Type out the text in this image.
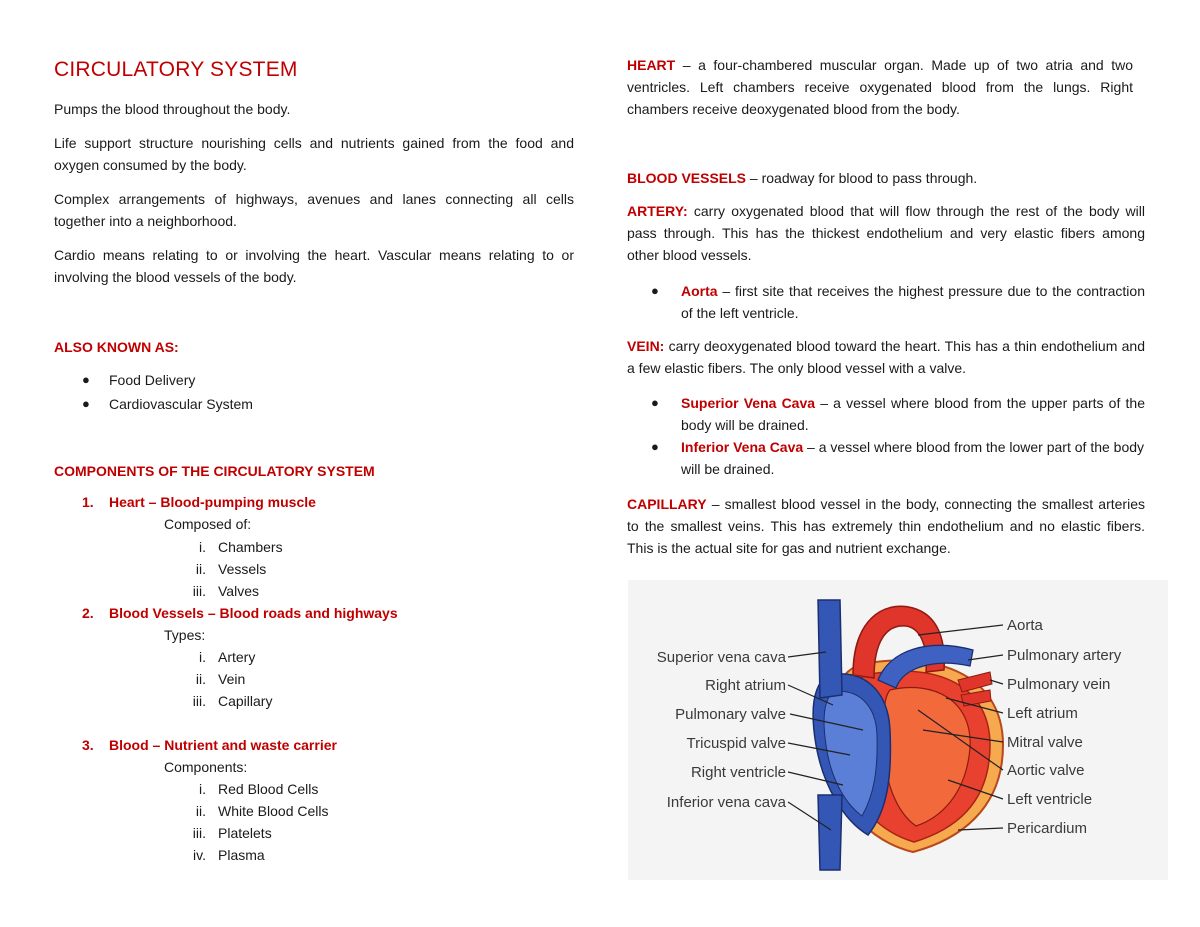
CIRCULATORY SYSTEM

Pumps the blood throughout the body.

Life support structure nourishing cells and nutrients gained from the food and oxygen consumed by the body.

Complex arrangements of highways, avenues and lanes connecting all cells together into a neighborhood.

Cardio means relating to or involving the heart. Vascular means relating to or involving the blood vessels of the body.

ALSO KNOWN AS:

● Food Delivery
● Cardiovascular System

COMPONENTS OF THE CIRCULATORY SYSTEM

1. Heart – Blood-pumping muscle
Composed of:
i. Chambers
ii. Vessels
iii. Valves
2. Blood Vessels – Blood roads and highways
Types:
i. Artery
ii. Vein
iii. Capillary
3. Blood – Nutrient and waste carrier
Components:
i. Red Blood Cells
ii. White Blood Cells
iii. Platelets
iv. Plasma

HEART – a four-chambered muscular organ. Made up of two atria and two ventricles. Left chambers receive oxygenated blood from the lungs. Right chambers receive deoxygenated blood from the body.

BLOOD VESSELS – roadway for blood to pass through.

ARTERY: carry oxygenated blood that will flow through the rest of the body will pass through. This has the thickest endothelium and very elastic fibers among other blood vessels.

● Aorta – first site that receives the highest pressure due to the contraction of the left ventricle.

VEIN: carry deoxygenated blood toward the heart. This has a thin endothelium and a few elastic fibers. The only blood vessel with a valve.

● Superior Vena Cava – a vessel where blood from the upper parts of the body will be drained.

● Inferior Vena Cava – a vessel where blood from the lower part of the body will be drained.

CAPILLARY – smallest blood vessel in the body, connecting the smallest arteries to the smallest veins. This has extremely thin endothelium and no elastic fibers. This is the actual site for gas and nutrient exchange.

Superior vena cava
Right atrium
Pulmonary valve
Tricuspid valve
Right ventricle
Inferior vena cava
Aorta
Pulmonary artery
Pulmonary vein
Left atrium
Mitral valve
Aortic valve
Left ventricle
Pericardium
